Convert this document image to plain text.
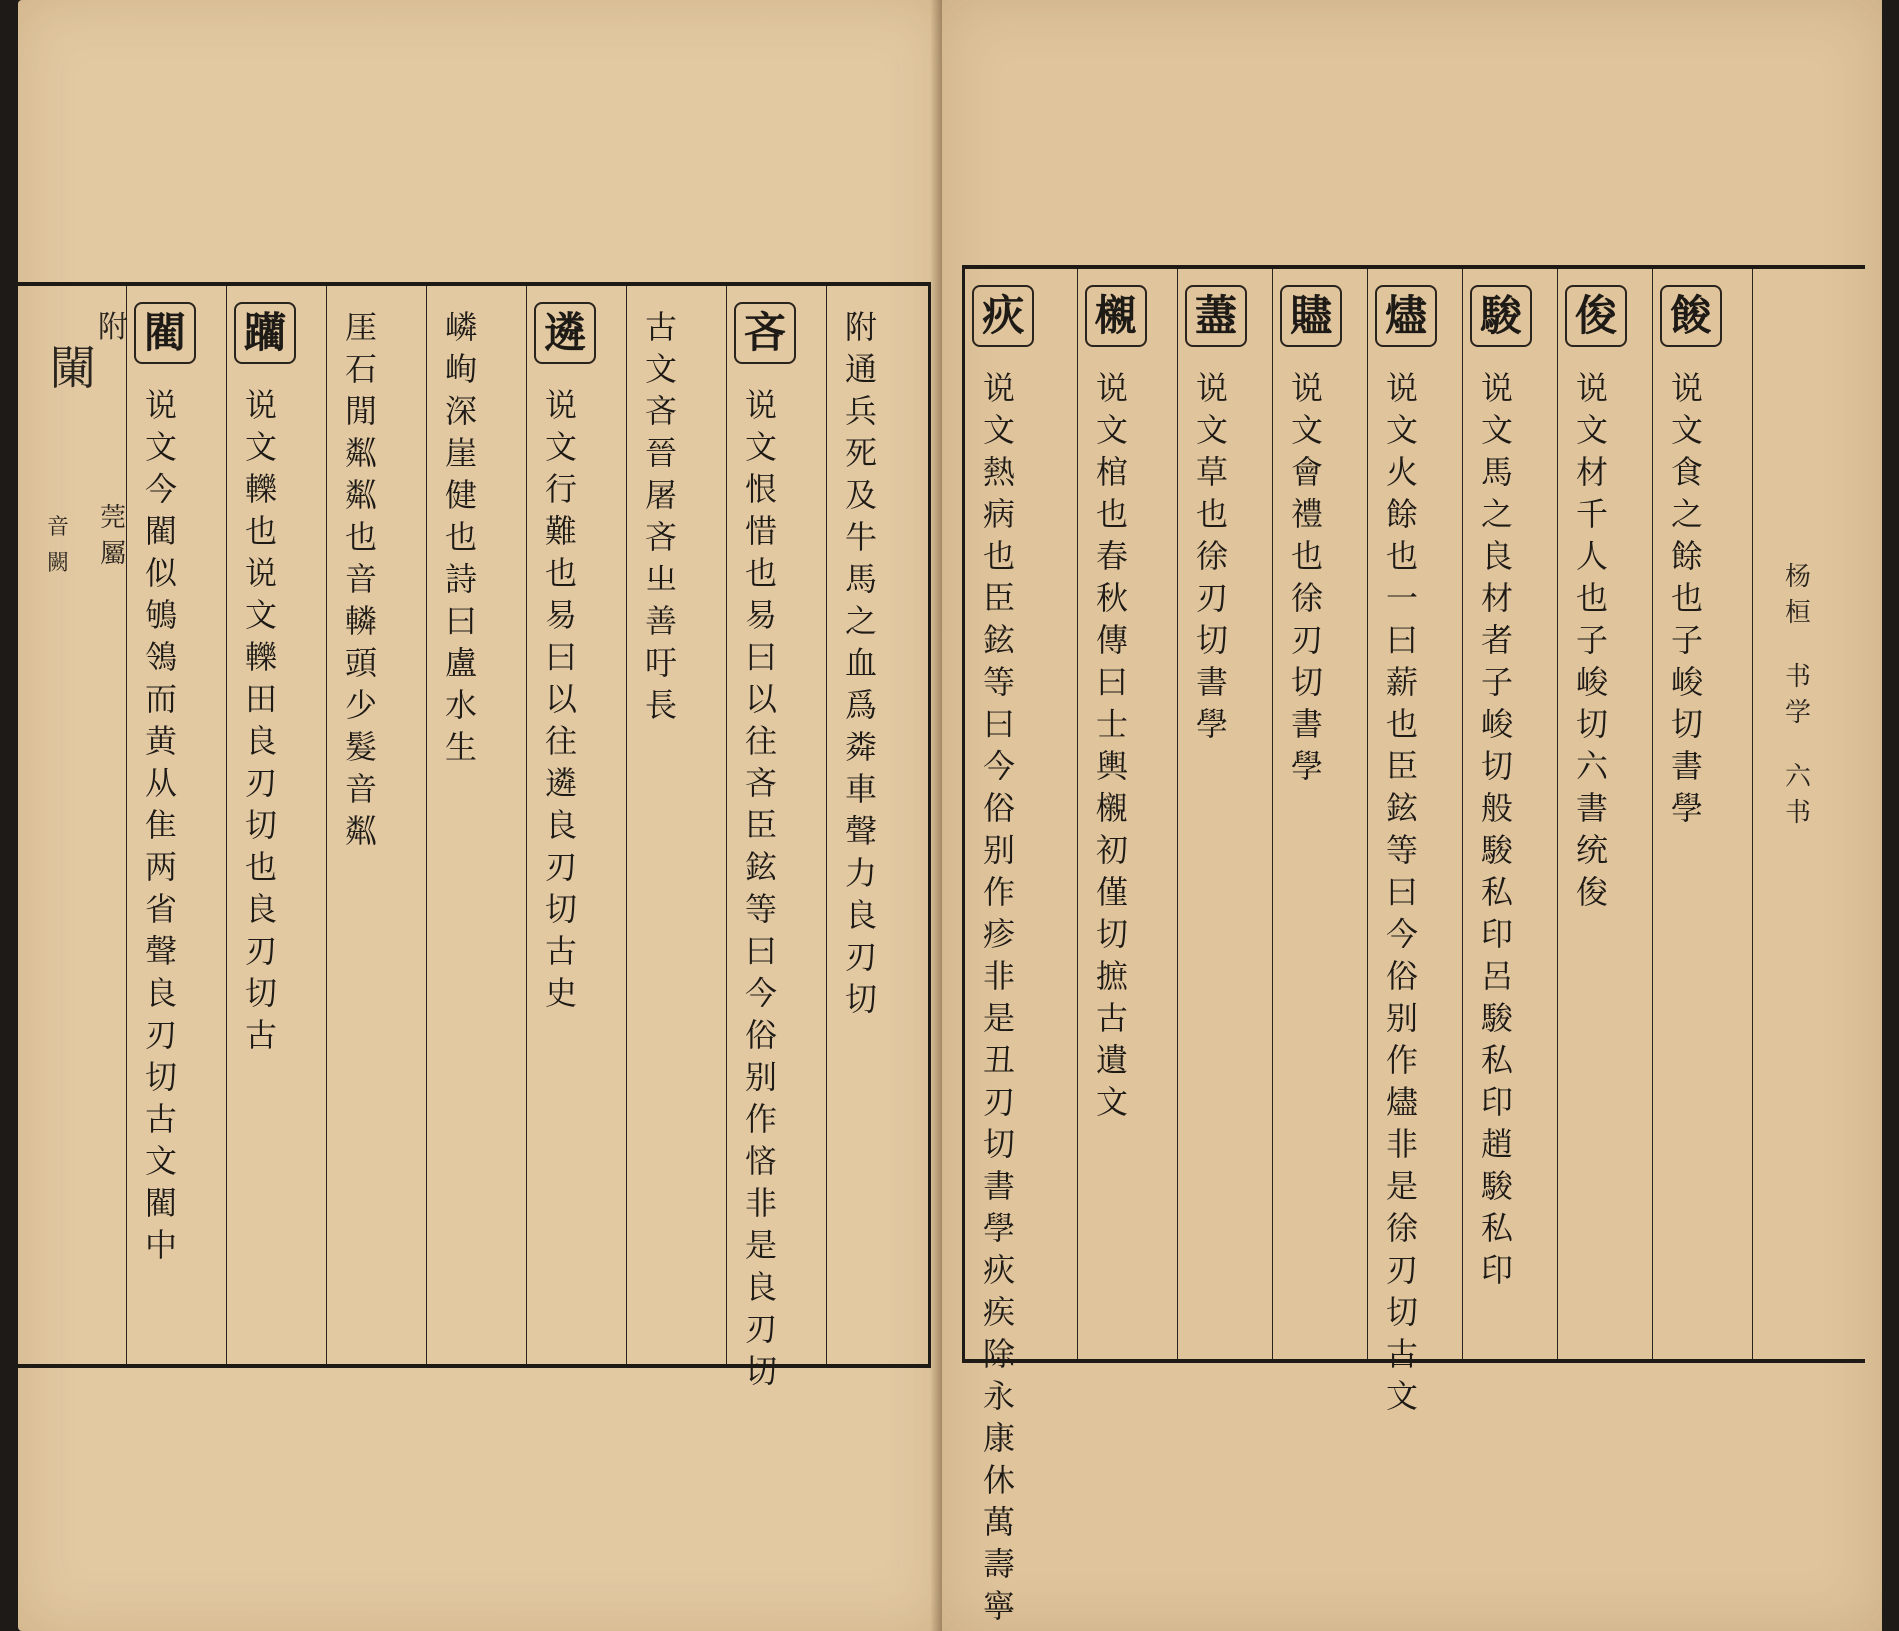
附
䦨
莞屬
音闕
閵
说文今閵似鴝鴒而黄从隹两省聲良刃切 古文 閵 中
躪
说文轢也 说文轢田良刃切 也良刃切 古
厓石閒粼粼也音轔 頭少髮音粼
嶙峋深崖 健也詩曰盧 水 生
遴
说文行難也易曰以往遴良刃切 古史
古文 吝 晉屠吝㞢 善吁長
吝
说文恨惜也易曰以往吝臣鉉等曰今俗别作悋非是良刃切
附 通 兵死及牛馬之血爲粦車聲力良刃切
疢
说文熱病也臣鉉等曰今俗别作疹非是丑刃切 書學 疢疾除永康 休萬壽寧
櫬
说文棺也春秋傳曰士輿櫬初僅切 摭古 遺文
藎
说文草也徐刃切 書學
贐
说文會禮也徐刃切 書學
燼
说文火餘也一曰薪也臣鉉等曰今俗别作燼非是徐刃切 古文
駿
说文馬之良材者子峻切 般駿 私印 呂駿 私印 趙駿 私印
俊
说文材千人也子峻切 六書 统 俊
餕
说文食之餘也子峻切 書學
杨桓
书学
六书
